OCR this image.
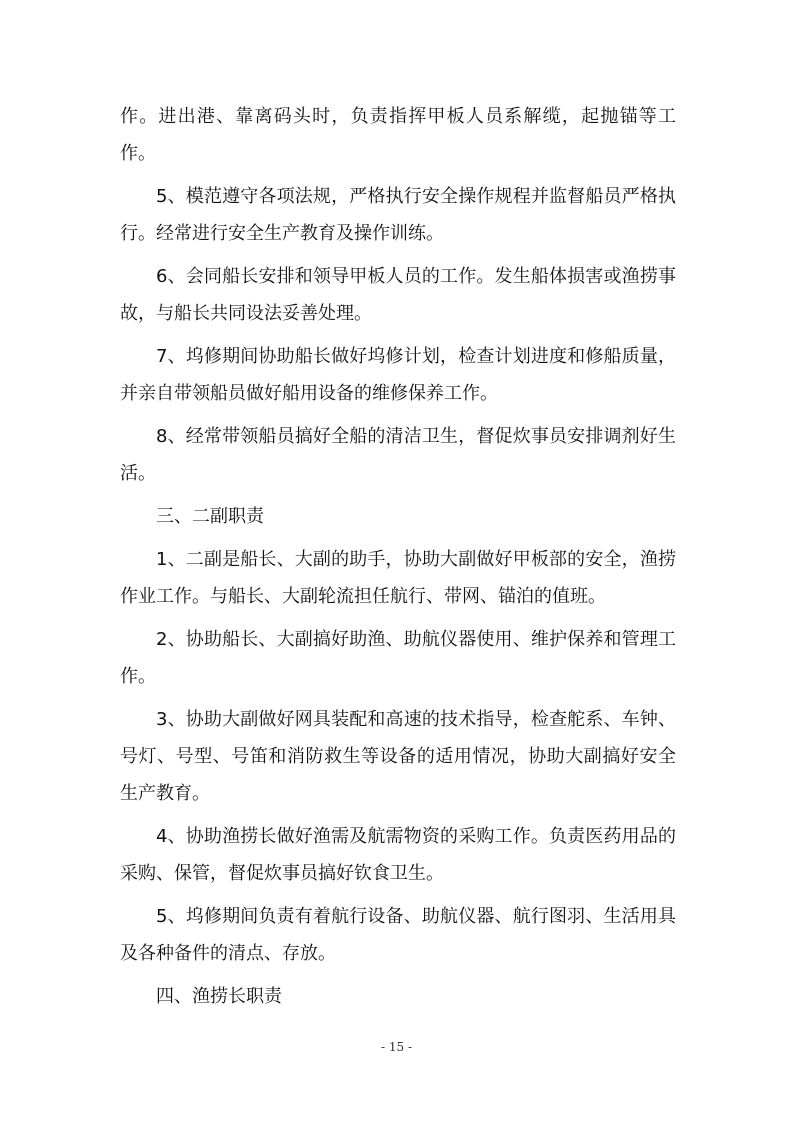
作。进出港、靠离码头时，负责指挥甲板人员系解缆，起抛锚等工作。

5、模范遵守各项法规，严格执行安全操作规程并监督船员严格执行。经常进行安全生产教育及操作训练。

6、会同船长安排和领导甲板人员的工作。发生船体损害或渔捞事故，与船长共同设法妥善处理。

7、坞修期间协助船长做好坞修计划，检查计划进度和修船质量，并亲自带领船员做好船用设备的维修保养工作。

8、经常带领船员搞好全船的清洁卫生，督促炊事员安排调剂好生活。

三、二副职责

1、二副是船长、大副的助手，协助大副做好甲板部的安全，渔捞作业工作。与船长、大副轮流担任航行、带网、锚泊的值班。

2、协助船长、大副搞好助渔、助航仪器使用、维护保养和管理工作。

3、协助大副做好网具装配和高速的技术指导，检查舵系、车钟、号灯、号型、号笛和消防救生等设备的适用情况，协助大副搞好安全生产教育。

4、协助渔捞长做好渔需及航需物资的采购工作。负责医药用品的采购、保管，督促炊事员搞好钦食卫生。

5、坞修期间负责有着航行设备、助航仪器、航行图羽、生活用具及各种备件的清点、存放。

四、渔捞长职责

- 15 -
